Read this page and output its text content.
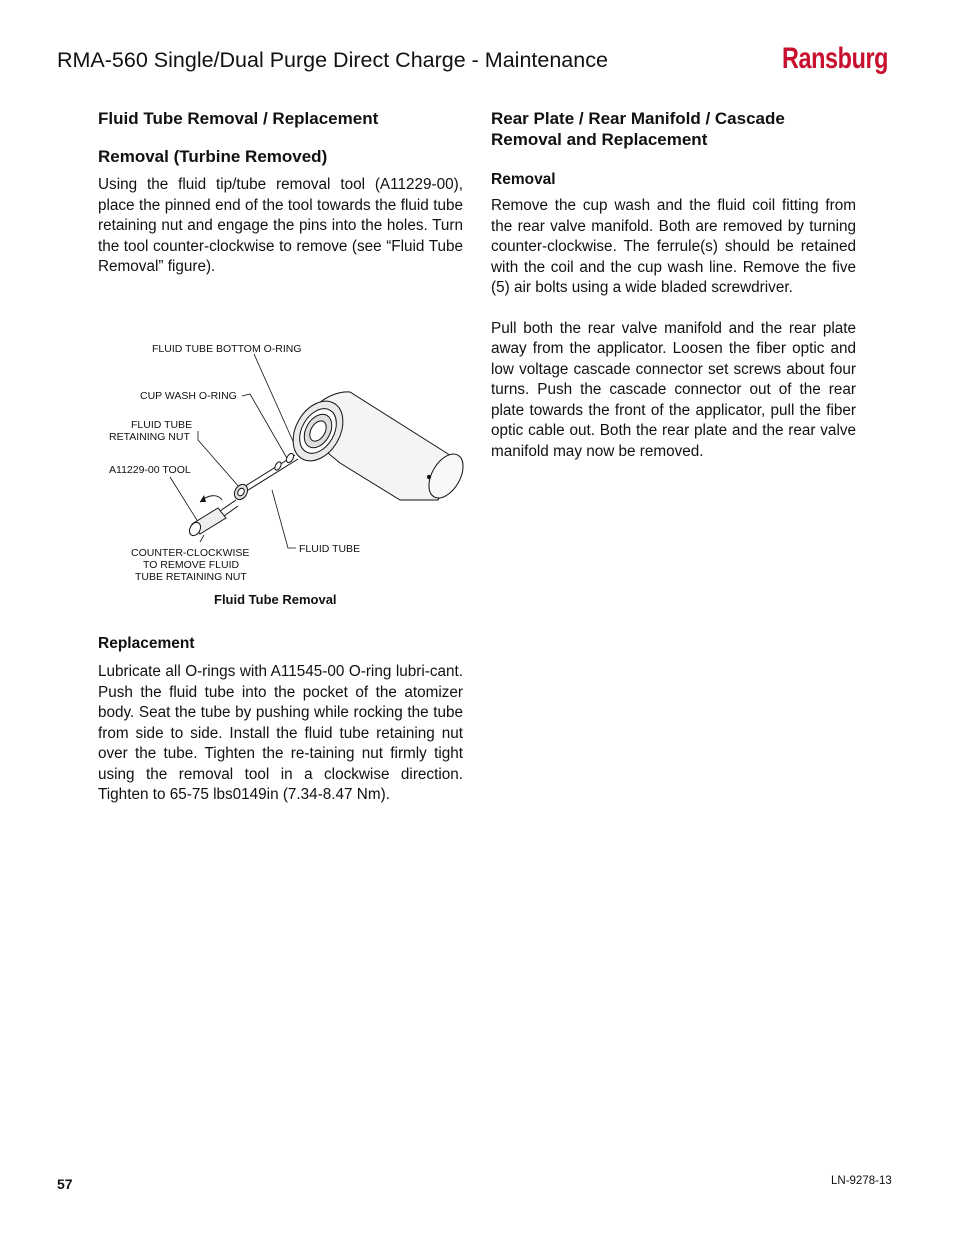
RMA-560 Single/Dual Purge Direct Charge - Maintenance	Ransburg
Fluid Tube Removal / Replacement
Removal (Turbine Removed)

Using the fluid tip/tube removal tool (A11229-00), place the pinned end of the tool towards the fluid tube retaining nut and engage the pins into the holes. Turn the tool counter-clockwise to remove (see “Fluid Tube Removal” figure).

FLUID TUBE BOTTOM O-RING
CUP WASH O-RING
FLUID TUBE
RETAINING NUT
A11229-00 TOOL
COUNTER-CLOCKWISE
TO REMOVE FLUID
TUBE RETAINING NUT
FLUID TUBE
Fluid Tube Removal
Replacement

Lubricate all O-rings with A11545-00 O-ring lubri-cant. Push the fluid tube into the pocket of the atomizer body. Seat the tube by pushing while rocking the tube from side to side. Install the fluid tube retaining nut over the tube. Tighten the re-taining nut firmly tight using the removal tool in a clockwise direction. Tighten to 65-75 lbs0149in (7.34-8.47 Nm).

Rear Plate / Rear Manifold / Cascade Removal and Replacement
Removal

Remove the cup wash and the fluid coil fitting from the rear valve manifold. Both are removed by turning counter-clockwise. The ferrule(s) should be retained with the coil and the cup wash line. Remove the five (5) air bolts using a wide bladed screwdriver.

Pull both the rear valve manifold and the rear plate away from the applicator. Loosen the fiber optic and low voltage cascade connector set screws about four turns. Push the cascade connector out of the rear plate towards the front of the applicator, pull the fiber optic cable out. Both the rear plate and the rear valve manifold may now be removed.

57	LN-9278-13
